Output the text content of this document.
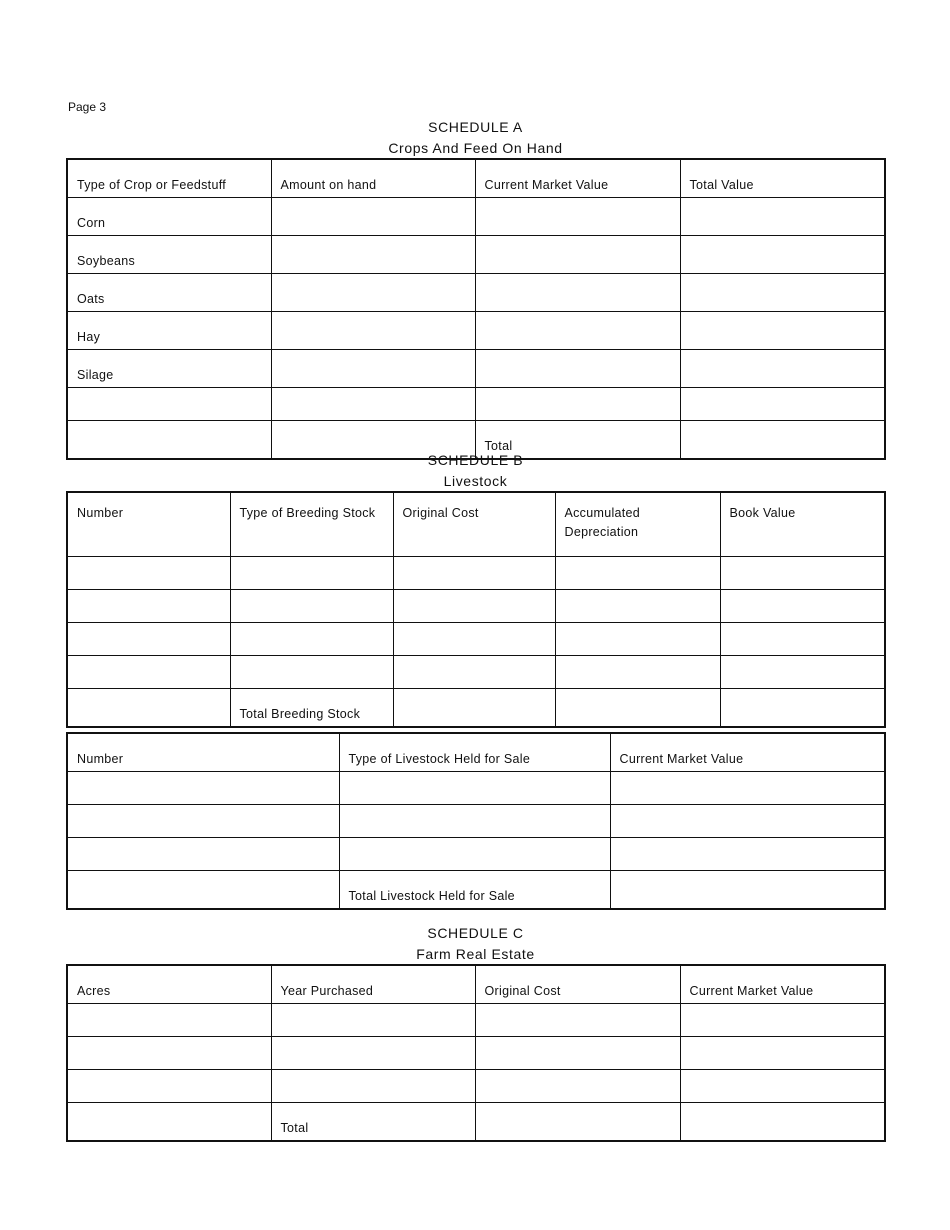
Page 3
SCHEDULE A
Crops And Feed On Hand
Type of Crop or Feedstuff	Amount on hand	Current Market Value	Total Value
Corn			
Soybeans			
Oats			
Hay			
Silage			

		Total	
SCHEDULE B
Livestock
Number	Type of Breeding Stock	Original Cost	Accumulated Depreciation	Book Value

	Total Breeding Stock			
Number	Type of Livestock Held for Sale	Current Market Value

	Total Livestock Held for Sale	
SCHEDULE C
Farm Real Estate
Acres	Year Purchased	Original Cost	Current Market Value

	Total		
